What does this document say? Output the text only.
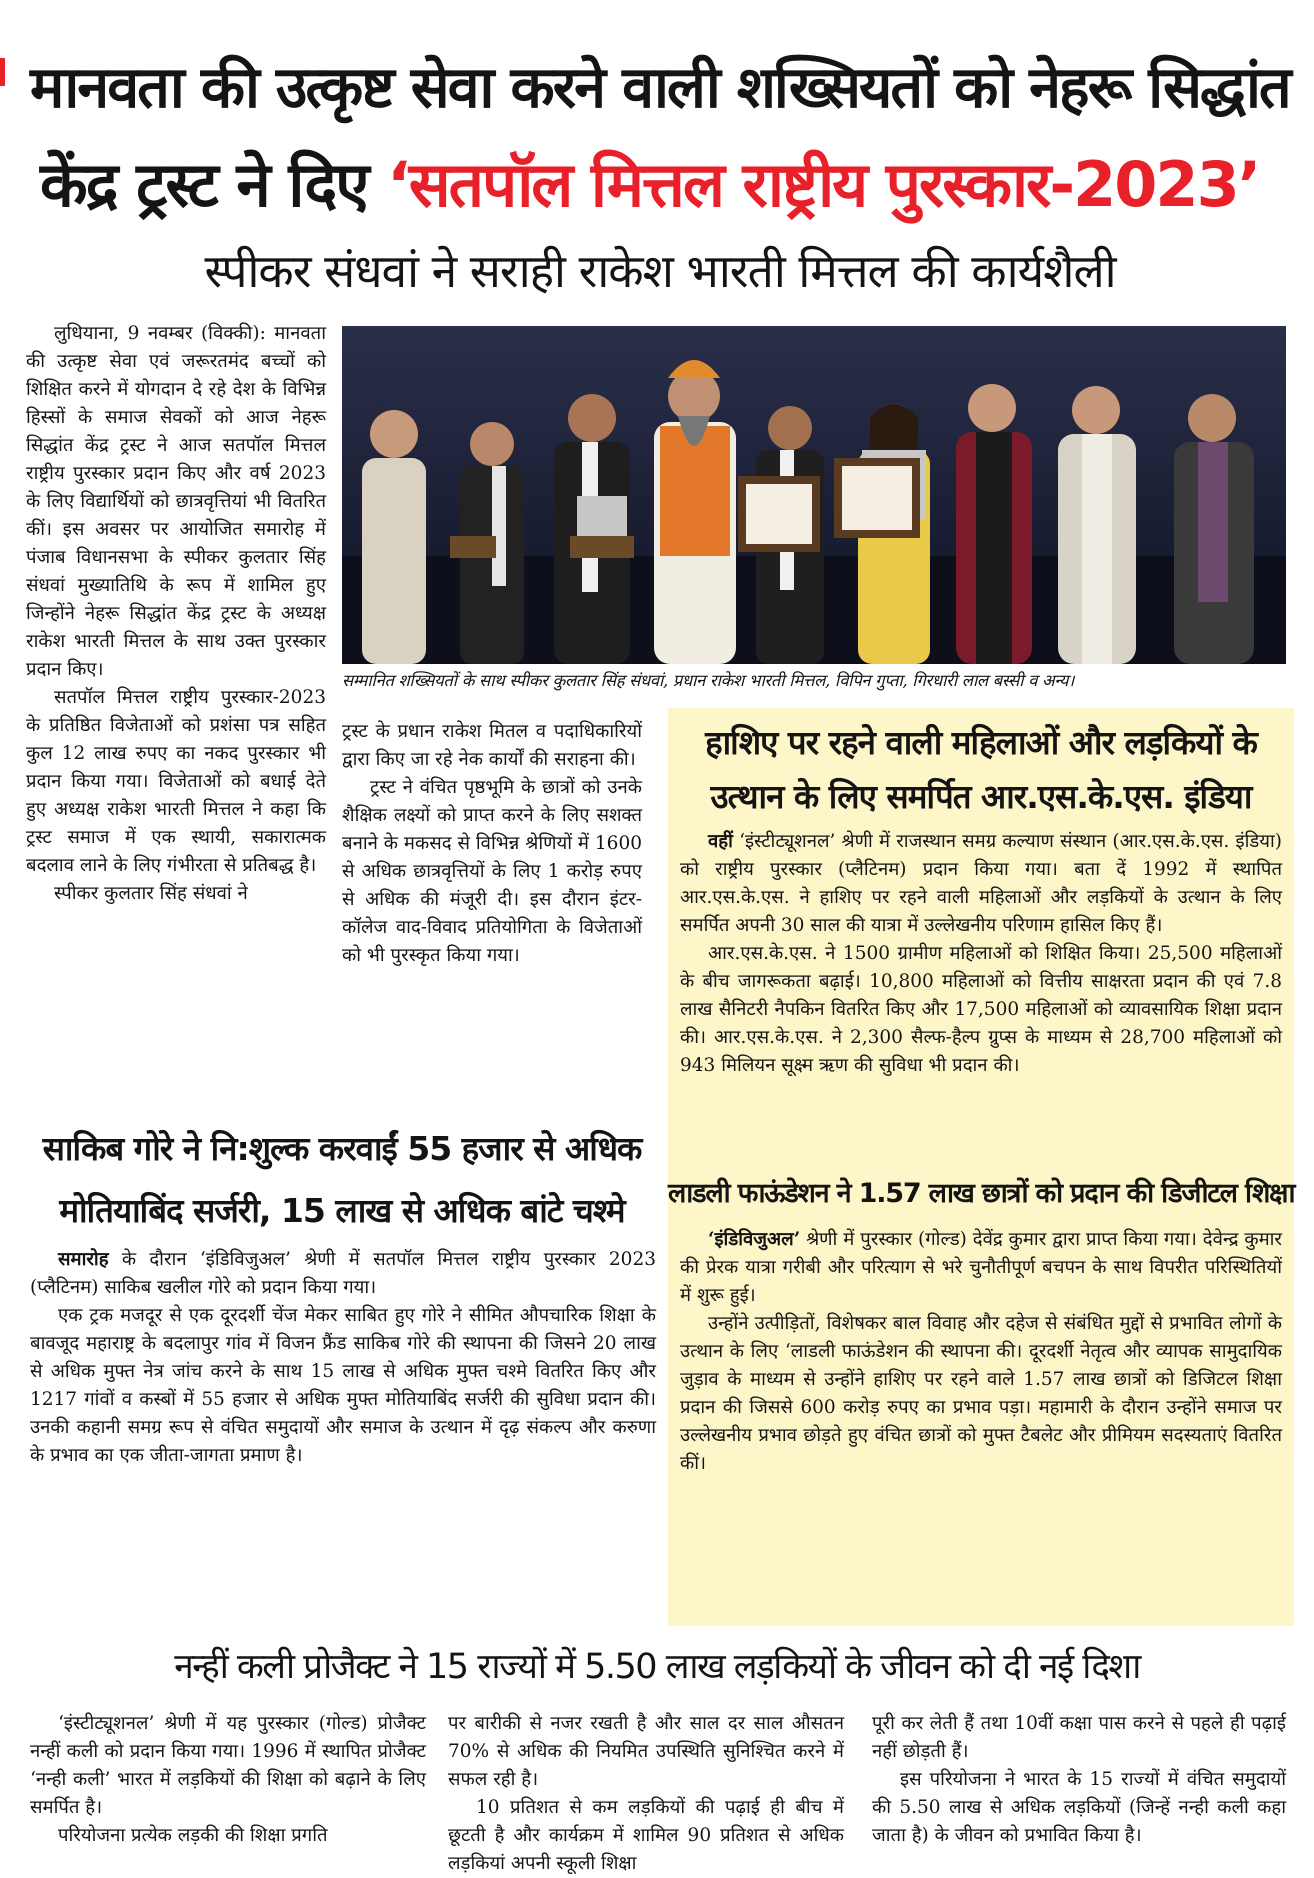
मानवता की उत्कृष्ट सेवा करने वाली शख्सियतों को नेहरू सिद्धांत
केंद्र ट्रस्ट ने दिए ‘सतपॉल मित्तल राष्ट्रीय पुरस्कार-2023’
स्पीकर संधवां ने सराही राकेश भारती मित्तल की कार्यशैली

लुधियाना, 9 नवम्बर (विक्की): मानवता की उत्कृष्ट सेवा एवं जरूरतमंद बच्चों को शिक्षित करने में योगदान दे रहे देश के विभिन्न हिस्सों के समाज सेवकों को आज नेहरू सिद्धांत केंद्र ट्रस्ट ने आज सतपॉल मित्तल राष्ट्रीय पुरस्कार प्रदान किए और वर्ष 2023 के लिए विद्यार्थियों को छात्रवृत्तियां भी वितरित कीं। इस अवसर पर आयोजित समारोह में पंजाब विधानसभा के स्पीकर कुलतार सिंह संधवां मुख्यातिथि के रूप में शामिल हुए जिन्होंने नेहरू सिद्धांत केंद्र ट्रस्ट के अध्यक्ष राकेश भारती मित्तल के साथ उक्त पुरस्कार प्रदान किए।

सतपॉल मित्तल राष्ट्रीय पुरस्कार-2023 के प्रतिष्ठित विजेताओं को प्रशंसा पत्र सहित कुल 12 लाख रुपए का नकद पुरस्कार भी प्रदान किया गया। विजेताओं को बधाई देते हुए अध्यक्ष राकेश भारती मित्तल ने कहा कि ट्रस्ट समाज में एक स्थायी, सकारात्मक बदलाव लाने के लिए गंभीरता से प्रतिबद्ध है।

स्पीकर कुलतार सिंह संधवां ने

सम्मानित शख्सियतों के साथ स्पीकर कुलतार सिंह संधवां, प्रधान राकेश भारती मित्तल, विपिन गुप्ता, गिरधारी लाल बस्सी व अन्य।

ट्रस्ट के प्रधान राकेश मितल व पदाधिकारियों द्वारा किए जा रहे नेक कार्यों की सराहना की।

ट्रस्ट ने वंचित पृष्ठभूमि के छात्रों को उनके शैक्षिक लक्ष्यों को प्राप्त करने के लिए सशक्त बनाने के मकसद से विभिन्न श्रेणियों में 1600 से अधिक छात्रवृत्तियों के लिए 1 करोड़ रुपए से अधिक की मंजूरी दी। इस दौरान इंटर-कॉलेज वाद-विवाद प्रतियोगिता के विजेताओं को भी पुरस्कृत किया गया।

हाशिए पर रहने वाली महिलाओं और लड़कियों के
उत्थान के लिए समर्पित आर.एस.के.एस. इंडिया

वहीं ‘इंस्टीट्यूशनल’ श्रेणी में राजस्थान समग्र कल्याण संस्थान (आर.एस.के.एस. इंडिया) को राष्ट्रीय पुरस्कार (प्लैटिनम) प्रदान किया गया। बता दें 1992 में स्थापित आर.एस.के.एस. ने हाशिए पर रहने वाली महिलाओं और लड़कियों के उत्थान के लिए समर्पित अपनी 30 साल की यात्रा में उल्लेखनीय परिणाम हासिल किए हैं।

आर.एस.के.एस. ने 1500 ग्रामीण महिलाओं को शिक्षित किया। 25,500 महिलाओं के बीच जागरूकता बढ़ाई। 10,800 महिलाओं को वित्तीय साक्षरता प्रदान की एवं 7.8 लाख सैनिटरी नैपकिन वितरित किए और 17,500 महिलाओं को व्यावसायिक शिक्षा प्रदान की। आर.एस.के.एस. ने 2,300 सैल्फ-हैल्प ग्रुप्स के माध्यम से 28,700 महिलाओं को 943 मिलियन सूक्ष्म ऋण की सुविधा भी प्रदान की।

लाडली फाऊंडेशन ने 1.57 लाख छात्रों को प्रदान की डिजीटल शिक्षा

‘इंडिविजुअल’ श्रेणी में पुरस्कार (गोल्ड) देवेंद्र कुमार द्वारा प्राप्त किया गया। देवेन्द्र कुमार की प्रेरक यात्रा गरीबी और परित्याग से भरे चुनौतीपूर्ण बचपन के साथ विपरीत परिस्थितियों में शुरू हुई।

उन्होंने उत्पीड़ितों, विशेषकर बाल विवाह और दहेज से संबंधित मुद्दों से प्रभावित लोगों के उत्थान के लिए ‘लाडली फाऊंडेशन की स्थापना की। दूरदर्शी नेतृत्व और व्यापक सामुदायिक जुड़ाव के माध्यम से उन्होंने हाशिए पर रहने वाले 1.57 लाख छात्रों को डिजिटल शिक्षा प्रदान की जिससे 600 करोड़ रुपए का प्रभाव पड़ा। महामारी के दौरान उन्होंने समाज पर उल्लेखनीय प्रभाव छोड़ते हुए वंचित छात्रों को मुफ्त टैबलेट और प्रीमियम सदस्यताएं वितरित कीं।

साकिब गोरे ने नि:शुल्क करवाईं 55 हजार से अधिक
मोतियाबिंद सर्जरी, 15 लाख से अधिक बांटे चश्मे

समारोह के दौरान ‘इंडिविजुअल’ श्रेणी में सतपॉल मित्तल राष्ट्रीय पुरस्कार 2023 (प्लैटिनम) साकिब खलील गोरे को प्रदान किया गया।

एक ट्रक मजदूर से एक दूरदर्शी चेंज मेकर साबित हुए गोरे ने सीमित औपचारिक शिक्षा के बावजूद महाराष्ट्र के बदलापुर गांव में विजन फ्रैंड साकिब गोरे की स्थापना की जिसने 20 लाख से अधिक मुफ्त नेत्र जांच करने के साथ 15 लाख से अधिक मुफ्त चश्मे वितरित किए और 1217 गांवों व कस्बों में 55 हजार से अधिक मुफ्त मोतियाबिंद सर्जरी की सुविधा प्रदान की। उनकी कहानी समग्र रूप से वंचित समुदायों और समाज के उत्थान में दृढ़ संकल्प और करुणा के प्रभाव का एक जीता-जागता प्रमाण है।

नन्हीं कली प्रोजैक्ट ने 15 राज्यों में 5.50 लाख लड़कियों के जीवन को दी नई दिशा

‘इंस्टीट्यूशनल’ श्रेणी में यह पुरस्कार (गोल्ड) प्रोजैक्ट नन्हीं कली को प्रदान किया गया। 1996 में स्थापित प्रोजैक्ट ‘नन्ही कली’ भारत में लड़कियों की शिक्षा को बढ़ाने के लिए समर्पित है।

परियोजना प्रत्येक लड़की की शिक्षा प्रगति

पर बारीकी से नजर रखती है और साल दर साल औसतन 70% से अधिक की नियमित उपस्थिति सुनिश्चित करने में सफल रही है।

10 प्रतिशत से कम लड़कियों की पढ़ाई ही बीच में छूटती है और कार्यक्रम में शामिल 90 प्रतिशत से अधिक लड़कियां अपनी स्कूली शिक्षा

पूरी कर लेती हैं तथा 10वीं कक्षा पास करने से पहले ही पढ़ाई नहीं छोड़ती हैं।

इस परियोजना ने भारत के 15 राज्यों में वंचित समुदायों की 5.50 लाख से अधिक लड़कियों (जिन्हें नन्ही कली कहा जाता है) के जीवन को प्रभावित किया है।
